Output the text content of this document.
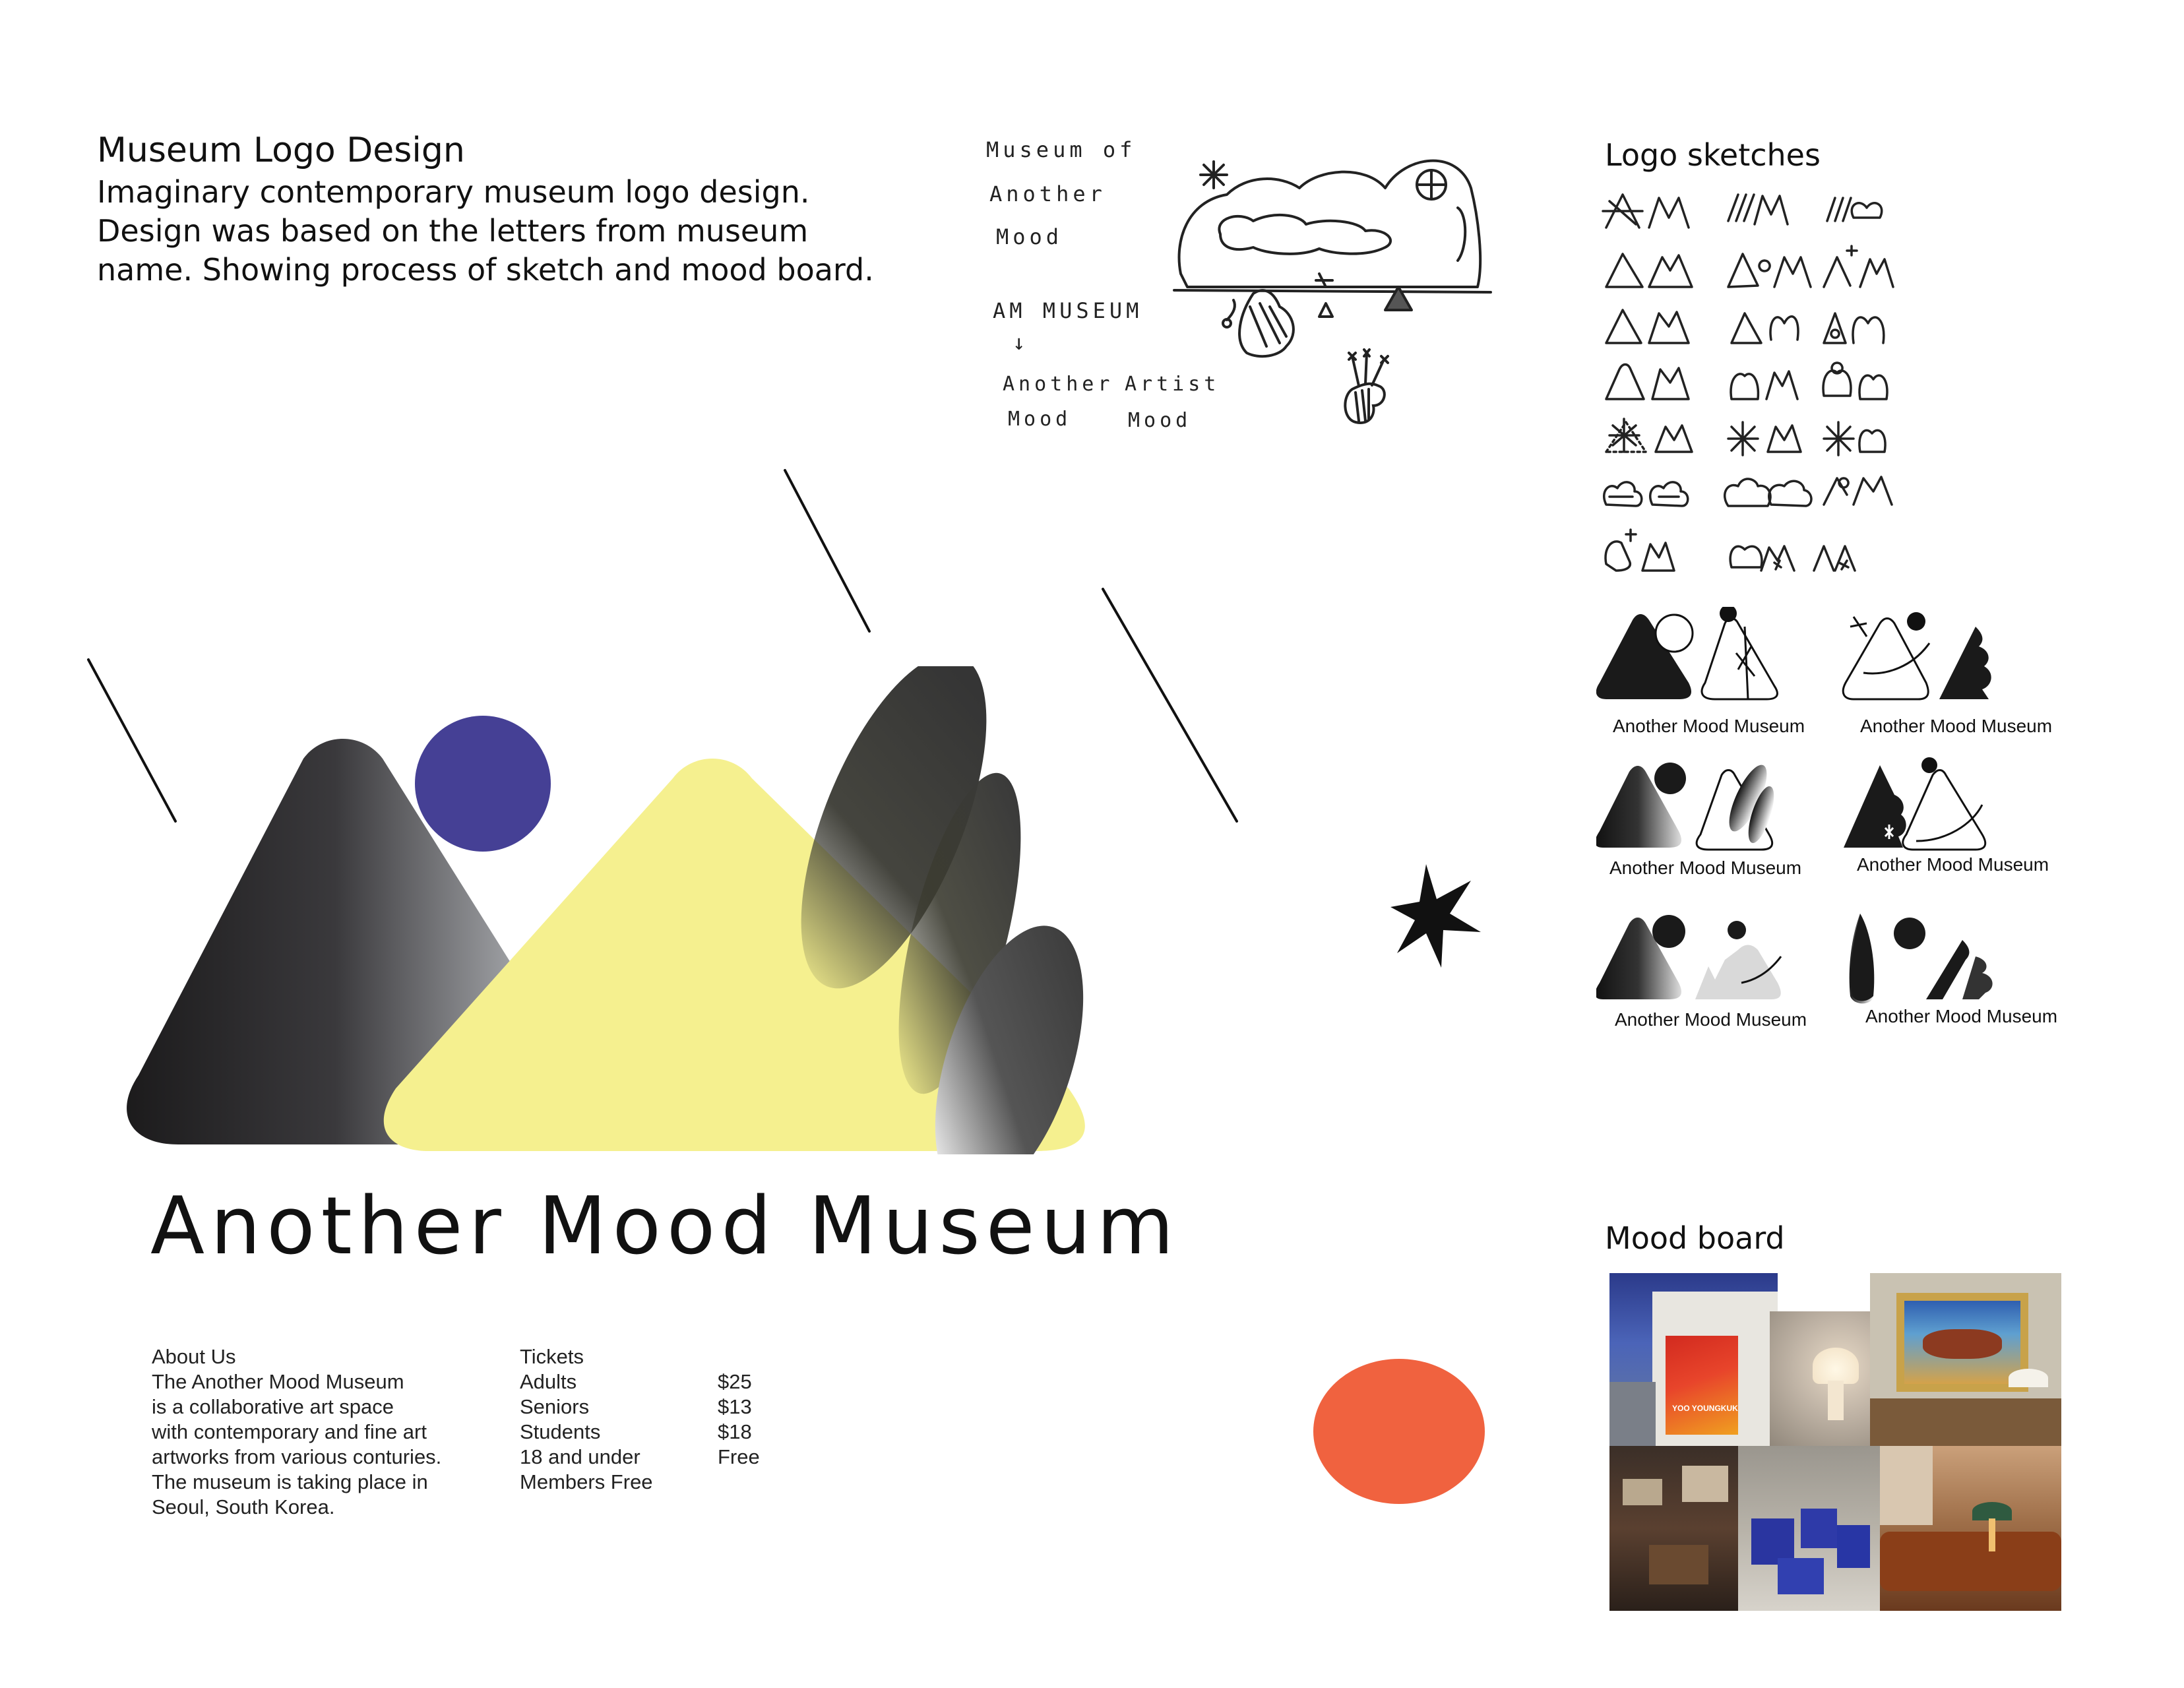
Museum Logo Design
Imaginary contemporary museum logo design.
Design was based on the letters from museum
name. Showing process of sketch and mood board.
Museum of
Another
Mood
AM MUSEUM
↓
Another
Mood
Artist
Mood
Another Mood Museum
About Us
The Another Mood Museum
is a collaborative art space
with contemporary and fine art
artworks from various conturies.
The museum is taking place in
Seoul, South Korea.
Tickets
Adults	$25
Seniors	$13
Students	$18
18 and under	Free
Members Free
Logo sketches
Another Mood Museum	Another Mood Museum
Another Mood Museum	Another Mood Museum
Another Mood Museum	Another Mood Museum
Mood board
YOO YOUNGKUK
